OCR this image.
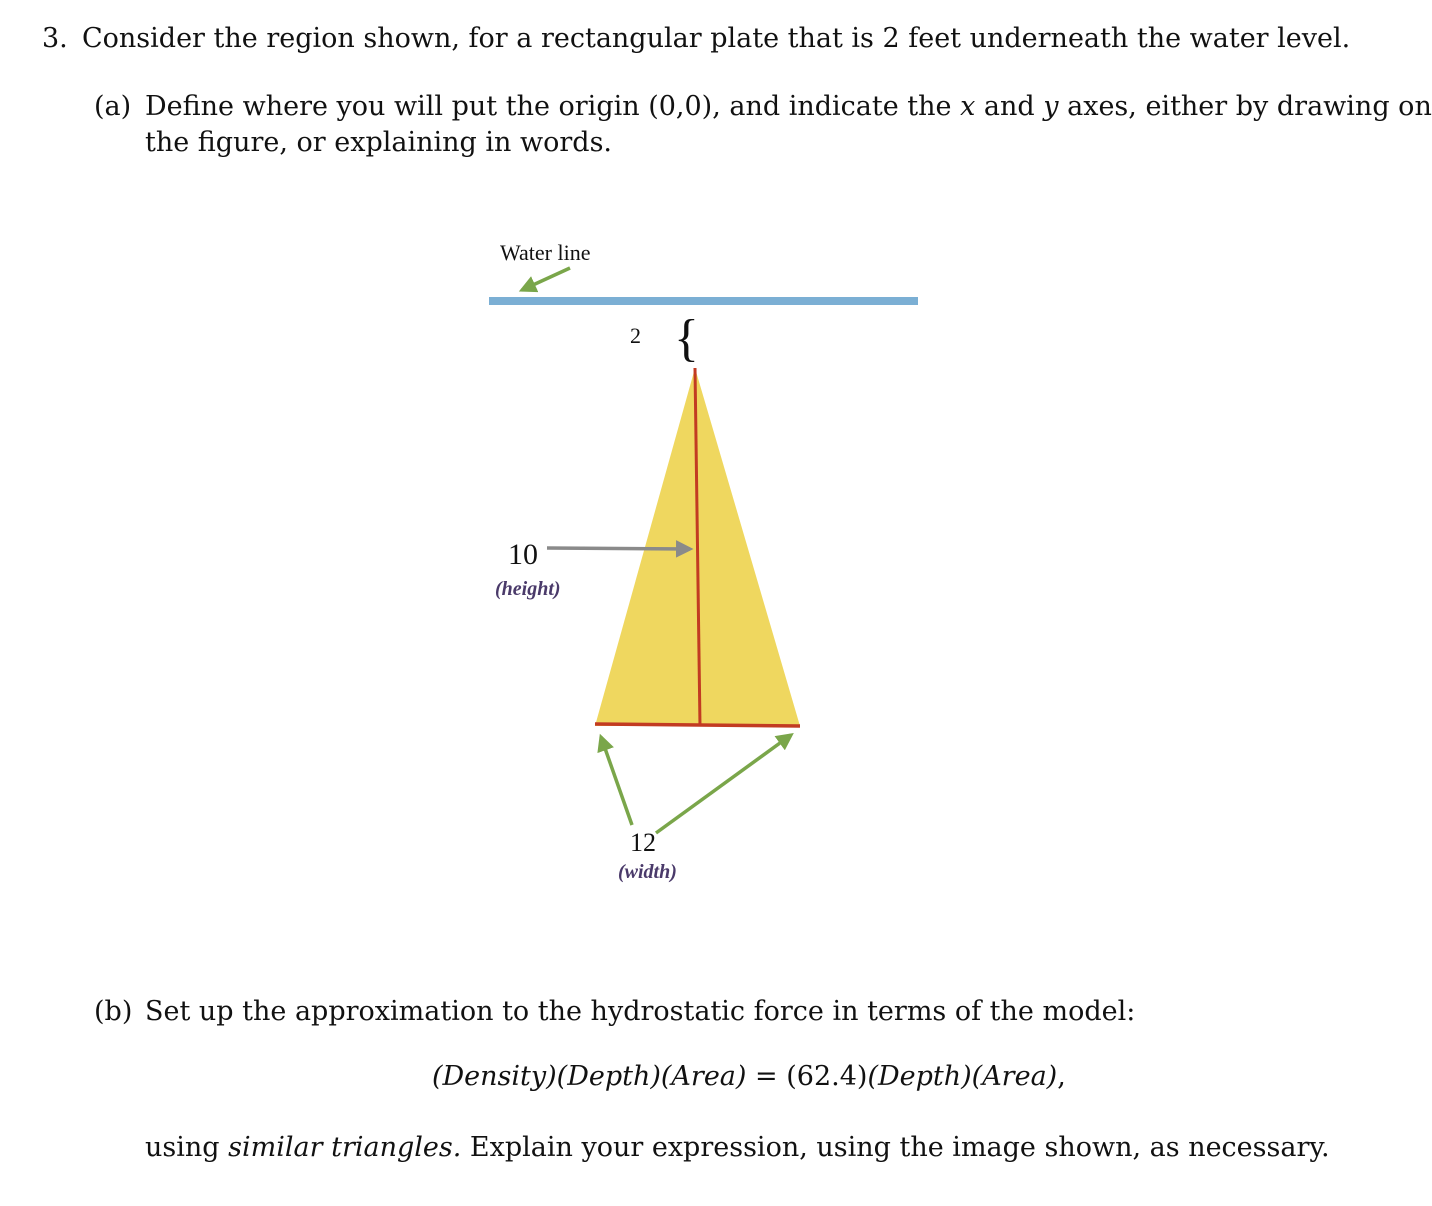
3. Consider the region shown, for a rectangular plate that is 2 feet underneath the water level.
(a) Define where you will put the origin (0,0), and indicate the x and y axes, either by drawing on
the figure, or explaining in words.
Water line
2 {
10
(height)
12
(width)
(b) Set up the approximation to the hydrostatic force in terms of the model:
(Density)(Depth)(Area) = (62.4)(Depth)(Area),
using similar triangles. Explain your expression, using the image shown, as necessary.
